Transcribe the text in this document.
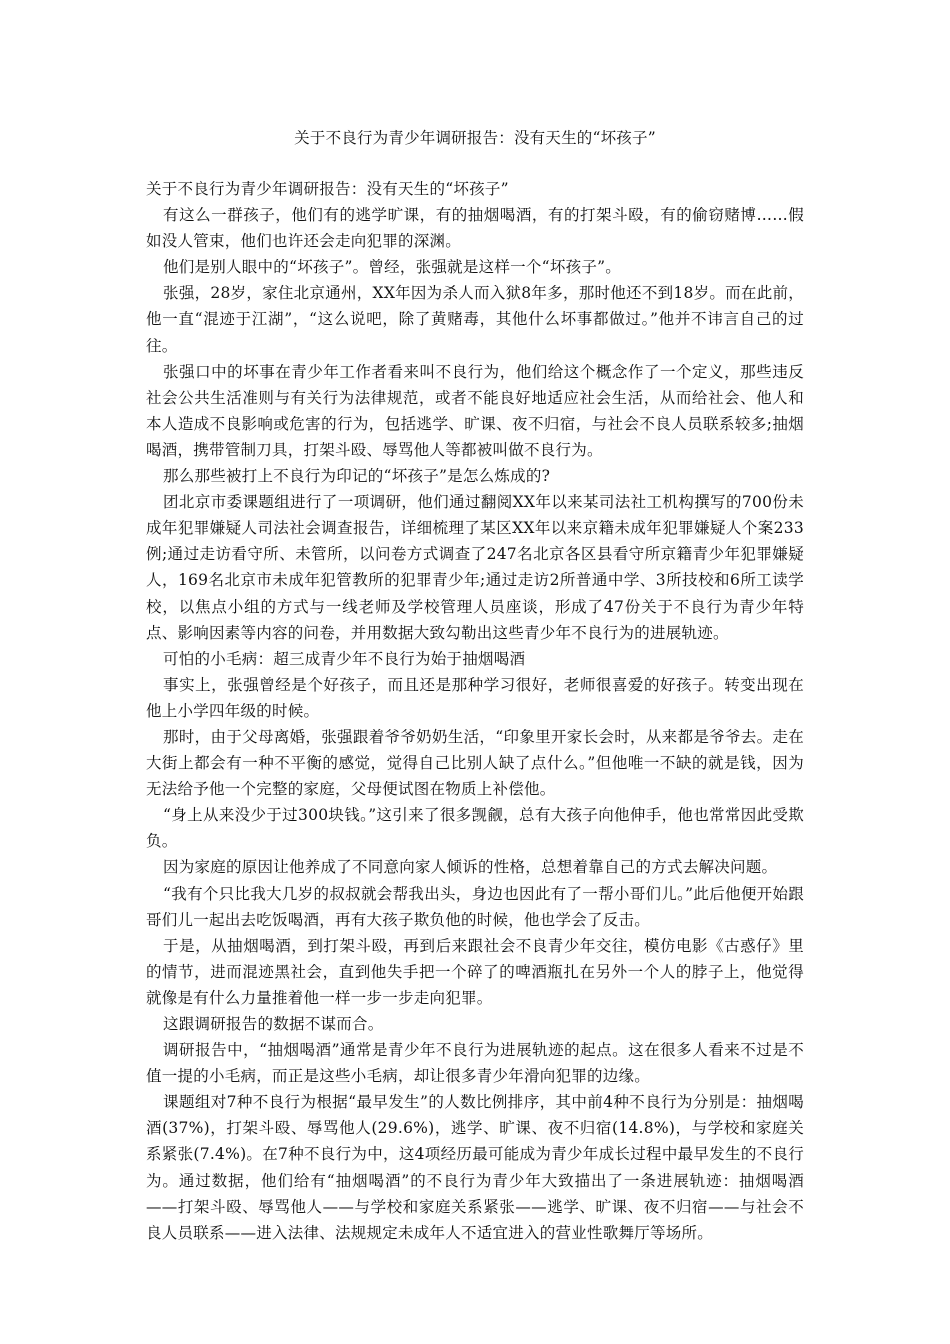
关于不良行为青少年调研报告：没有天生的“坏孩子”

关于不良行为青少年调研报告：没有天生的“坏孩子”

有这么一群孩子，他们有的逃学旷课，有的抽烟喝酒，有的打架斗殴，有的偷窃赌博……假如没人管束，他们也许还会走向犯罪的深渊。

他们是别人眼中的“坏孩子”。曾经，张强就是这样一个“坏孩子”。

张强，28岁，家住北京通州，XX年因为杀人而入狱8年多，那时他还不到18岁。而在此前，他一直“混迹于江湖”，“这么说吧，除了黄赌毒，其他什么坏事都做过。”他并不讳言自己的过往。

张强口中的坏事在青少年工作者看来叫不良行为，他们给这个概念作了一个定义，那些违反社会公共生活准则与有关行为法律规范，或者不能良好地适应社会生活，从而给社会、他人和本人造成不良影响或危害的行为，包括逃学、旷课、夜不归宿，与社会不良人员联系较多;抽烟喝酒，携带管制刀具，打架斗殴、辱骂他人等都被叫做不良行为。

那么那些被打上不良行为印记的“坏孩子”是怎么炼成的?

团北京市委课题组进行了一项调研，他们通过翻阅XX年以来某司法社工机构撰写的700份未成年犯罪嫌疑人司法社会调查报告，详细梳理了某区XX年以来京籍未成年犯罪嫌疑人个案233例;通过走访看守所、未管所，以问卷方式调查了247名北京各区县看守所京籍青少年犯罪嫌疑人，169名北京市未成年犯管教所的犯罪青少年;通过走访2所普通中学、3所技校和6所工读学校，以焦点小组的方式与一线老师及学校管理人员座谈，形成了47份关于不良行为青少年特点、影响因素等内容的问卷，并用数据大致勾勒出这些青少年不良行为的进展轨迹。

可怕的小毛病：超三成青少年不良行为始于抽烟喝酒

事实上，张强曾经是个好孩子，而且还是那种学习很好，老师很喜爱的好孩子。转变出现在他上小学四年级的时候。

那时，由于父母离婚，张强跟着爷爷奶奶生活，“印象里开家长会时，从来都是爷爷去。走在大街上都会有一种不平衡的感觉，觉得自己比别人缺了点什么。”但他唯一不缺的就是钱，因为无法给予他一个完整的家庭，父母便试图在物质上补偿他。

“身上从来没少于过300块钱。”这引来了很多觊觎，总有大孩子向他伸手，他也常常因此受欺负。

因为家庭的原因让他养成了不同意向家人倾诉的性格，总想着靠自己的方式去解决问题。

“我有个只比我大几岁的叔叔就会帮我出头，身边也因此有了一帮小哥们儿。”此后他便开始跟哥们儿一起出去吃饭喝酒，再有大孩子欺负他的时候，他也学会了反击。

于是，从抽烟喝酒，到打架斗殴，再到后来跟社会不良青少年交往，模仿电影《古惑仔》里的情节，进而混迹黑社会，直到他失手把一个碎了的啤酒瓶扎在另外一个人的脖子上，他觉得就像是有什么力量推着他一样一步一步走向犯罪。

这跟调研报告的数据不谋而合。

调研报告中，“抽烟喝酒”通常是青少年不良行为进展轨迹的起点。这在很多人看来不过是不值一提的小毛病，而正是这些小毛病，却让很多青少年滑向犯罪的边缘。

课题组对7种不良行为根据“最早发生”的人数比例排序，其中前4种不良行为分别是：抽烟喝酒(37%)，打架斗殴、辱骂他人(29.6%)，逃学、旷课、夜不归宿(14.8%)，与学校和家庭关系紧张(7.4%)。在7种不良行为中，这4项经历最可能成为青少年成长过程中最早发生的不良行为。通过数据，他们给有“抽烟喝酒”的不良行为青少年大致描出了一条进展轨迹：抽烟喝酒——打架斗殴、辱骂他人——与学校和家庭关系紧张——逃学、旷课、夜不归宿——与社会不良人员联系——进入法律、法规规定未成年人不适宜进入的营业性歌舞厅等场所。
